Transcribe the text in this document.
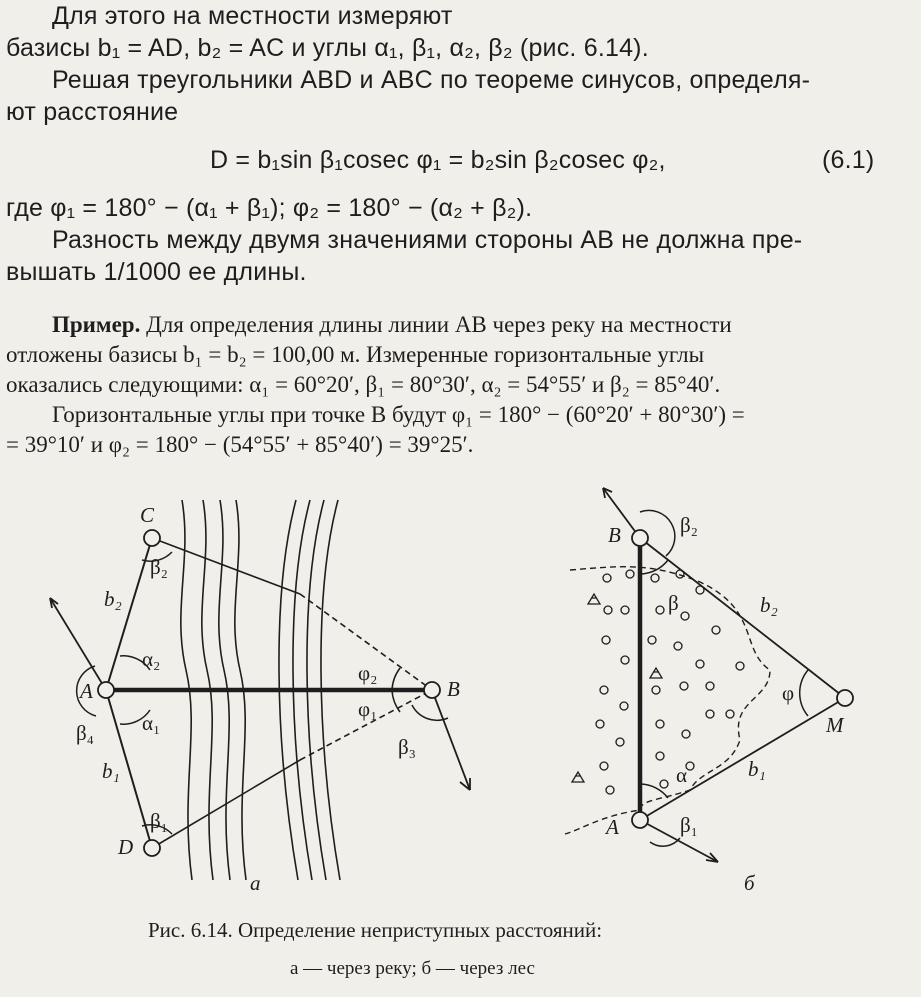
Для этого на местности измеряют
базисы b₁ = AD, b₂ = AC и углы α₁, β₁, α₂, β₂ (рис. 6.14).
Решая треугольники ABD и ABC по теореме синусов, определя-
ют расстояние
D = b₁sin β₁cosec φ₁ = b₂sin β₂cosec φ₂,	(6.1)
где φ₁ = 180° − (α₁ + β₁); φ₂ = 180° − (α₂ + β₂).
Разность между двумя значениями стороны AB не должна пре-
вышать 1/1000 ее длины.
Пример. Для определения длины линии AB через реку на местности
отложены базисы b₁ = b₂ = 100,00 м. Измеренные горизонтальные углы
оказались следующими: α₁ = 60°20′, β₁ = 80°30′, α₂ = 54°55′ и β₂ = 85°40′.
Горизонтальные углы при точке B будут φ₁ = 180° − (60°20′ + 80°30′) =
= 39°10′ и φ₂ = 180° − (54°55′ + 85°40′) = 39°25′.
C
A	B
D
b₂
b₁
α₂
α₁
β₂
β₁
β₄
β₃
φ₂
φ₁
а
B
A
M
b₂
b₁
β
α
φ
β₂
β₁
б
Рис. 6.14. Определение неприступных расстояний:
а — через реку; б — через лес
